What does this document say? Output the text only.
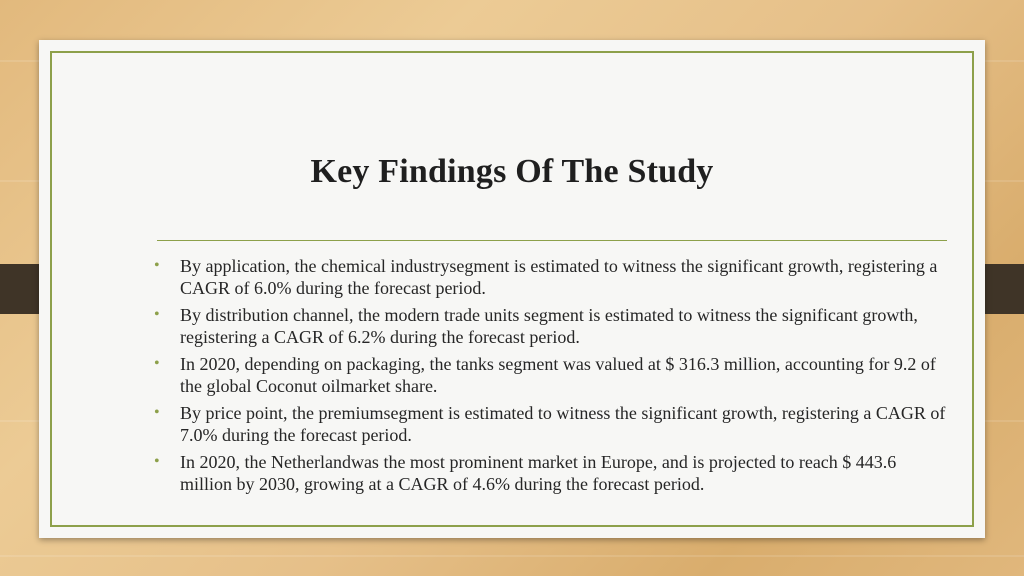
Key Findings Of The Study
• By application, the chemical industrysegment is estimated to witness the significant growth, registering a CAGR of 6.0% during the forecast period.
• By distribution channel, the modern trade units segment is estimated to witness the significant growth, registering a CAGR of 6.2% during the forecast period.
• In 2020, depending on packaging, the tanks segment was valued at $ 316.3 million, accounting for 9.2 of the global Coconut oilmarket share.
• By price point, the premiumsegment is estimated to witness the significant growth, registering a CAGR of 7.0% during the forecast period.
• In 2020, the Netherlandwas the most prominent market in Europe, and is projected to reach $ 443.6 million by 2030, growing at a CAGR of 4.6% during the forecast period.
